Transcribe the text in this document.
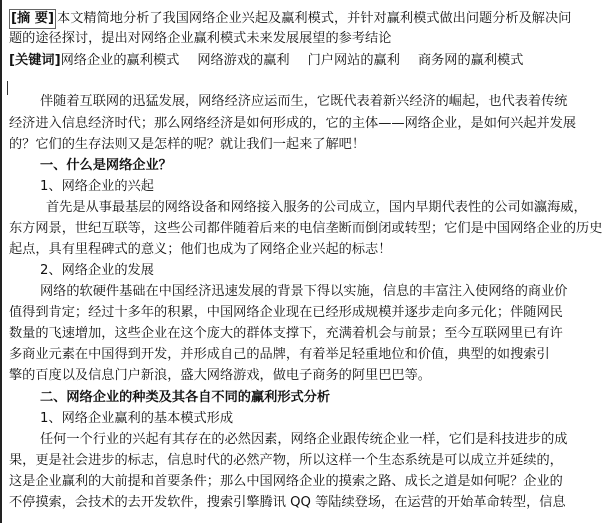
[摘 要] 本文精简地分析了我国网络企业兴起及赢利模式，并针对赢利模式做出问题分析及解决问
题的途径探讨，提出对网络企业赢利模式未来发展展望的参考结论
[关键词]网络企业的赢利模式 网络游戏的赢利 门户网站的赢利 商务网的赢利模式
伴随着互联网的迅猛发展，网络经济应运而生，它既代表着新兴经济的崛起，也代表着传统
经济进入信息经济时代；那么网络经济是如何形成的，它的主体——网络企业，是如何兴起并发展
的？它们的生存法则又是怎样的呢？就让我们一起来了解吧！
一、什么是网络企业？
1、网络企业的兴起
首先是从事最基层的网络设备和网络接入服务的公司成立，国内早期代表性的公司如瀛海威，
东方网景，世纪互联等，这些公司都伴随着后来的电信垄断而倒闭或转型；它们是中国网络企业的历史
起点，具有里程碑式的意义；他们也成为了网络企业兴起的标志！
2、网络企业的发展
网络的软硬件基础在中国经济迅速发展的背景下得以实施，信息的丰富注入使网络的商业价
值得到肯定；经过十多年的积累，中国网络企业现在已经形成规模并逐步走向多元化；伴随网民
数量的飞速增加，这些企业在这个庞大的群体支撑下，充满着机会与前景；至今互联网里已有许
多商业元素在中国得到开发，并形成自己的品牌，有着举足轻重地位和价值，典型的如搜索引
擎的百度以及信息门户新浪，盛大网络游戏，做电子商务的阿里巴巴等。
二、网络企业的种类及其各自不同的赢利形式分析
1、网络企业赢利的基本模式形成
任何一个行业的兴起有其存在的必然因素，网络企业跟传统企业一样，它们是科技进步的成
果，更是社会进步的标志，信息时代的必然产物，所以这样一个生态系统是可以成立并延续的，
这是企业赢利的大前提和首要条件；那么中国网络企业的摸索之路、成长之道是如何呢？企业的
不停摸索，会技术的去开发软件，搜索引擎腾讯 QQ 等陆续登场，在运营的开始革命转型，信息
